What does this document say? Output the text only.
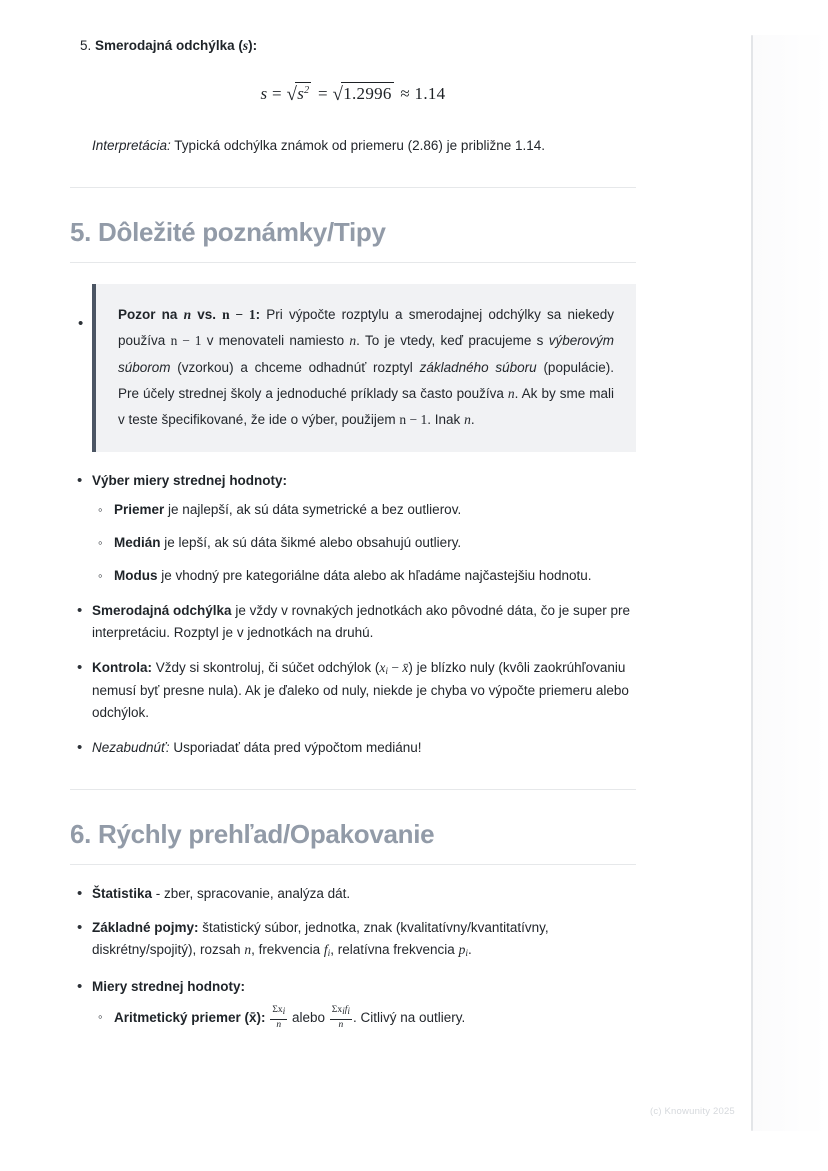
(c) Knowunity 2025
5. Smerodajná odchýlka (s):
$s = √s^2 = √1.2996 \approx 1.14$

Interpretácia: Typická odchýlka známok od priemeru (2.86) je približne 1.14.

5. Dôležité poznámky/Tipy
•

Pozor na n vs. n − 1: Pri výpočte rozptylu a smerodajnej odchýlky sa niekedy používa n − 1 v menovateli namiesto n. To je vtedy, keď pracujeme s výberovým súborom (vzorkou) a chceme odhadnúť rozptyl základného súboru (populácie). Pre účely strednej školy a jednoduché príklady sa často používa n. Ak by sme mali v teste špecifikované, že ide o výber, použijem n − 1. Inak n.

• Výber miery strednej hodnoty:
◦ Priemer je najlepší, ak sú dáta symetrické a bez outlierov.
◦ Medián je lepší, ak sú dáta šikmé alebo obsahujú outliery.
◦ Modus je vhodný pre kategoriálne dáta alebo ak hľadáme najčastejšiu hodnotu.
• Smerodajná odchýlka je vždy v rovnakých jednotkách ako pôvodné dáta, čo je super pre interpretáciu. Rozptyl je v jednotkách na druhú.
• Kontrola: Vždy si skontroluj, či súčet odchýlok ($x_i$ − x̄) je blízko nuly (kvôli zaokrúhľovaniu nemusí byť presne nula). Ak je ďaleko od nuly, niekde je chyba vo výpočte priemeru alebo odchýlok.
• Nezabudnúť: Usporiadať dáta pred výpočtom mediánu!
6. Rýchly prehľad/Opakovanie
• Štatistika - zber, spracovanie, analýza dát.
• Základné pojmy: štatistický súbor, jednotka, znak (kvalitatívny/kvantitatívny, diskrétny/spojitý), rozsah n, frekvencia $f_i$, relatívna frekvencia $p_i$.
• Miery strednej hodnoty:
◦ Aritmetický priemer (x̄): $\frac{\text{Σxi}}{n}$ alebo $\frac{\text{Σxifi}}{n}$ . Citlivý na outliery.
